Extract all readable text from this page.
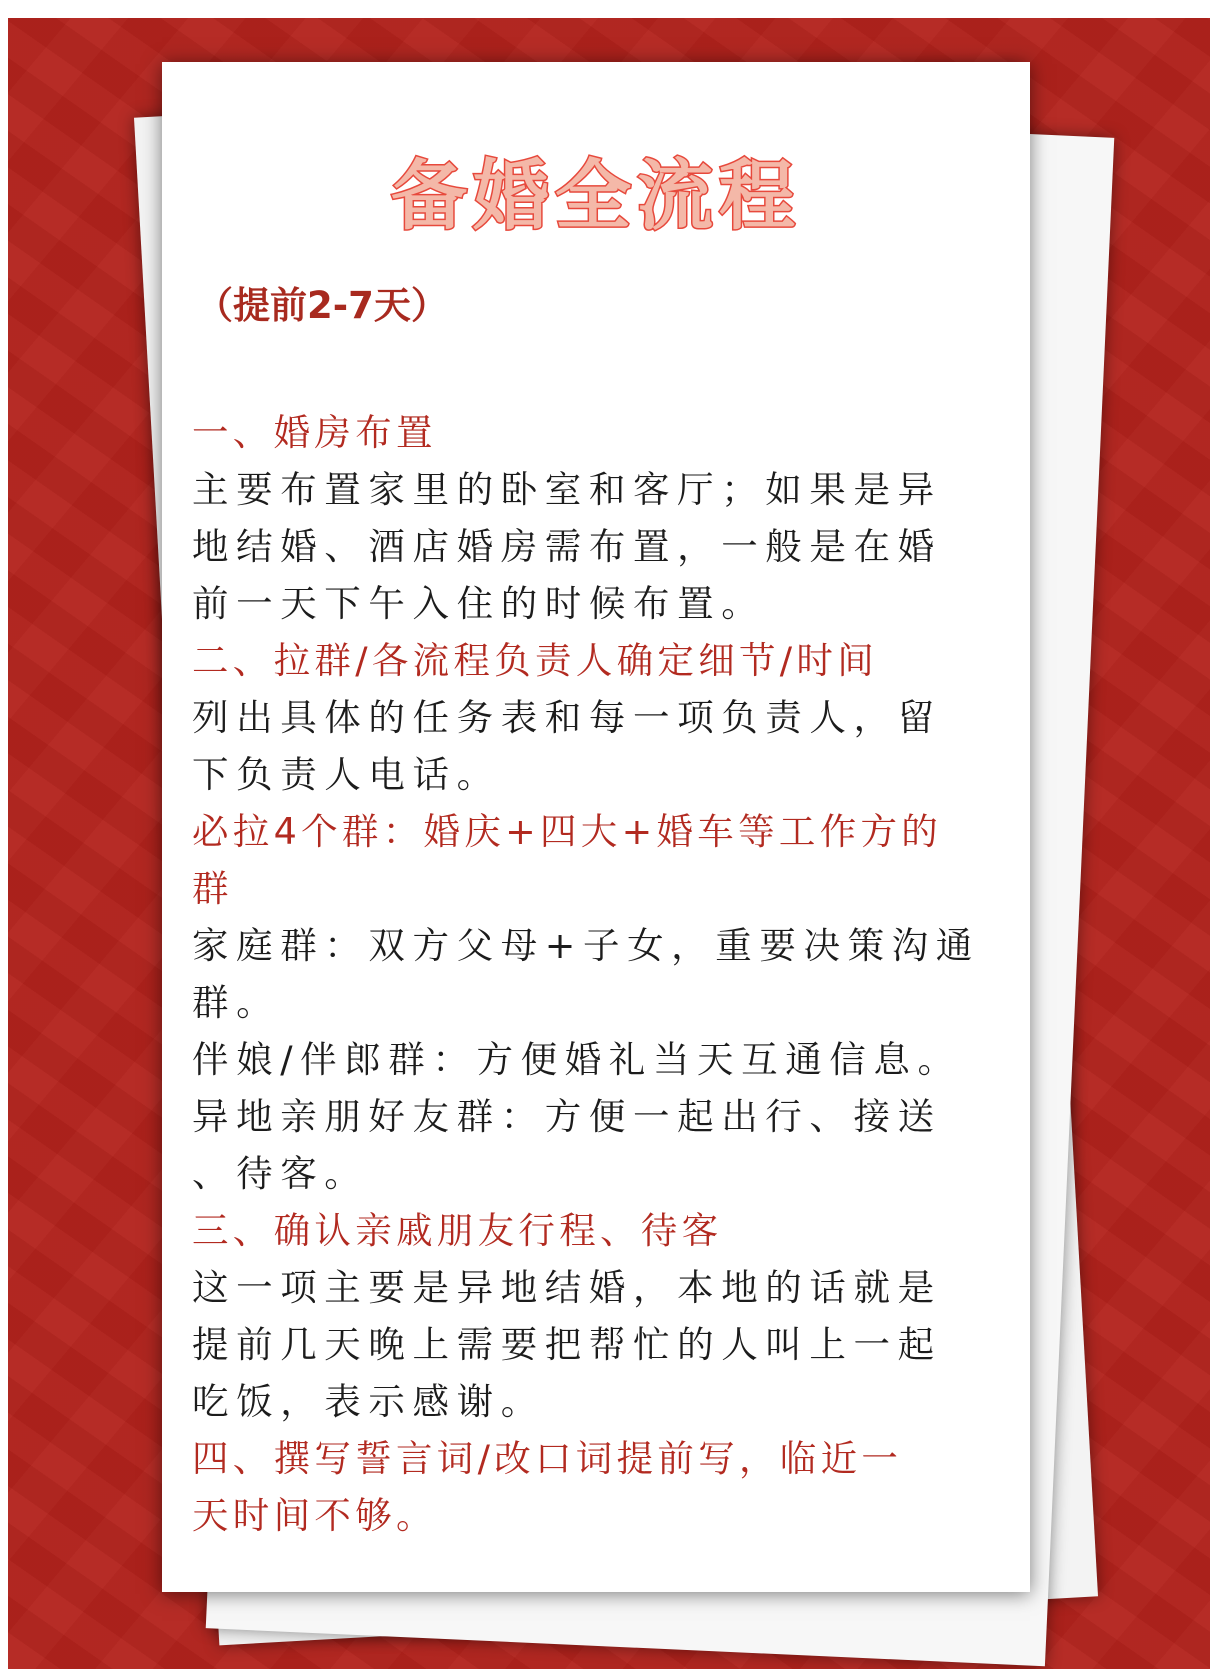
备婚全流程
（提前2-7天）

一、婚房布置

主要布置家里的卧室和客厅；如果是异

地结婚、酒店婚房需布置，一般是在婚

前一天下午入住的时候布置。

二、拉群/各流程负责人确定细节/时间

列出具体的任务表和每一项负责人，留

下负责人电话。

必拉4个群：婚庆+四大+婚车等工作方的

群

家庭群：双方父母+子女，重要决策沟通

群。

伴娘/伴郎群：方便婚礼当天互通信息。

异地亲朋好友群：方便一起出行、接送

、待客。

三、确认亲戚朋友行程、待客

这一项主要是异地结婚，本地的话就是

提前几天晚上需要把帮忙的人叫上一起

吃饭，表示感谢。

四、撰写誓言词/改口词提前写，临近一

天时间不够。
